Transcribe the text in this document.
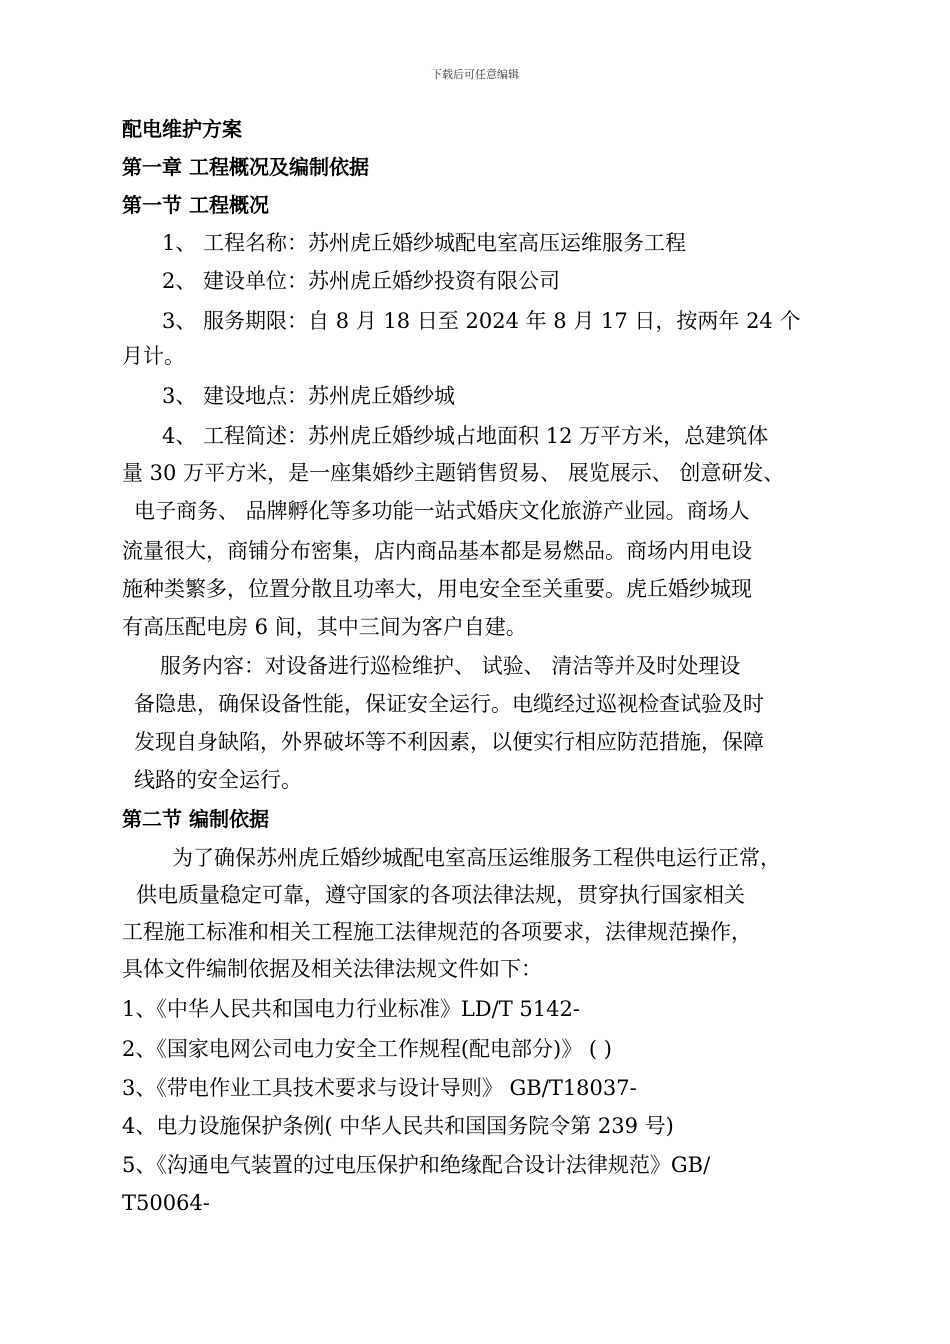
下载后可任意编辑
配电维护方案
第一章 工程概况及编制依据
第一节 工程概况
1、 工程名称：苏州虎丘婚纱城配电室高压运维服务工程
2、 建设单位：苏州虎丘婚纱投资有限公司
3、 服务期限：自 8 月 18 日至 2024 年 8 月 17 日，按两年 24 个
月计。
3、 建设地点：苏州虎丘婚纱城
4、 工程简述：苏州虎丘婚纱城占地面积 12 万平方米，总建筑体
量 30 万平方米，是一座集婚纱主题销售贸易、 展览展示、 创意研发、
电子商务、 品牌孵化等多功能一站式婚庆文化旅游产业园。商场人
流量很大，商铺分布密集，店内商品基本都是易燃品。商场内用电设
施种类繁多，位置分散且功率大，用电安全至关重要。虎丘婚纱城现
有高压配电房 6 间，其中三间为客户自建。
服务内容：对设备进行巡检维护、 试验、 清洁等并及时处理设
备隐患，确保设备性能，保证安全运行。电缆经过巡视检查试验及时
发现自身缺陷，外界破坏等不利因素，以便实行相应防范措施，保障
线路的安全运行。
第二节 编制依据
为了确保苏州虎丘婚纱城配电室高压运维服务工程供电运行正常，
供电质量稳定可靠，遵守国家的各项法律法规，贯穿执行国家相关
工程施工标准和相关工程施工法律规范的各项要求，法律规范操作，
具体文件编制依据及相关法律法规文件如下：
1、《中华人民共和国电力行业标准》LD/T 5142-
2、《国家电网公司电力安全工作规程(配电部分)》 ( )
3、《带电作业工具技术要求与设计导则》 GB/T18037-
4、电力设施保护条例( 中华人民共和国国务院令第 239 号)
5、《沟通电气装置的过电压保护和绝缘配合设计法律规范》GB/
T50064-
